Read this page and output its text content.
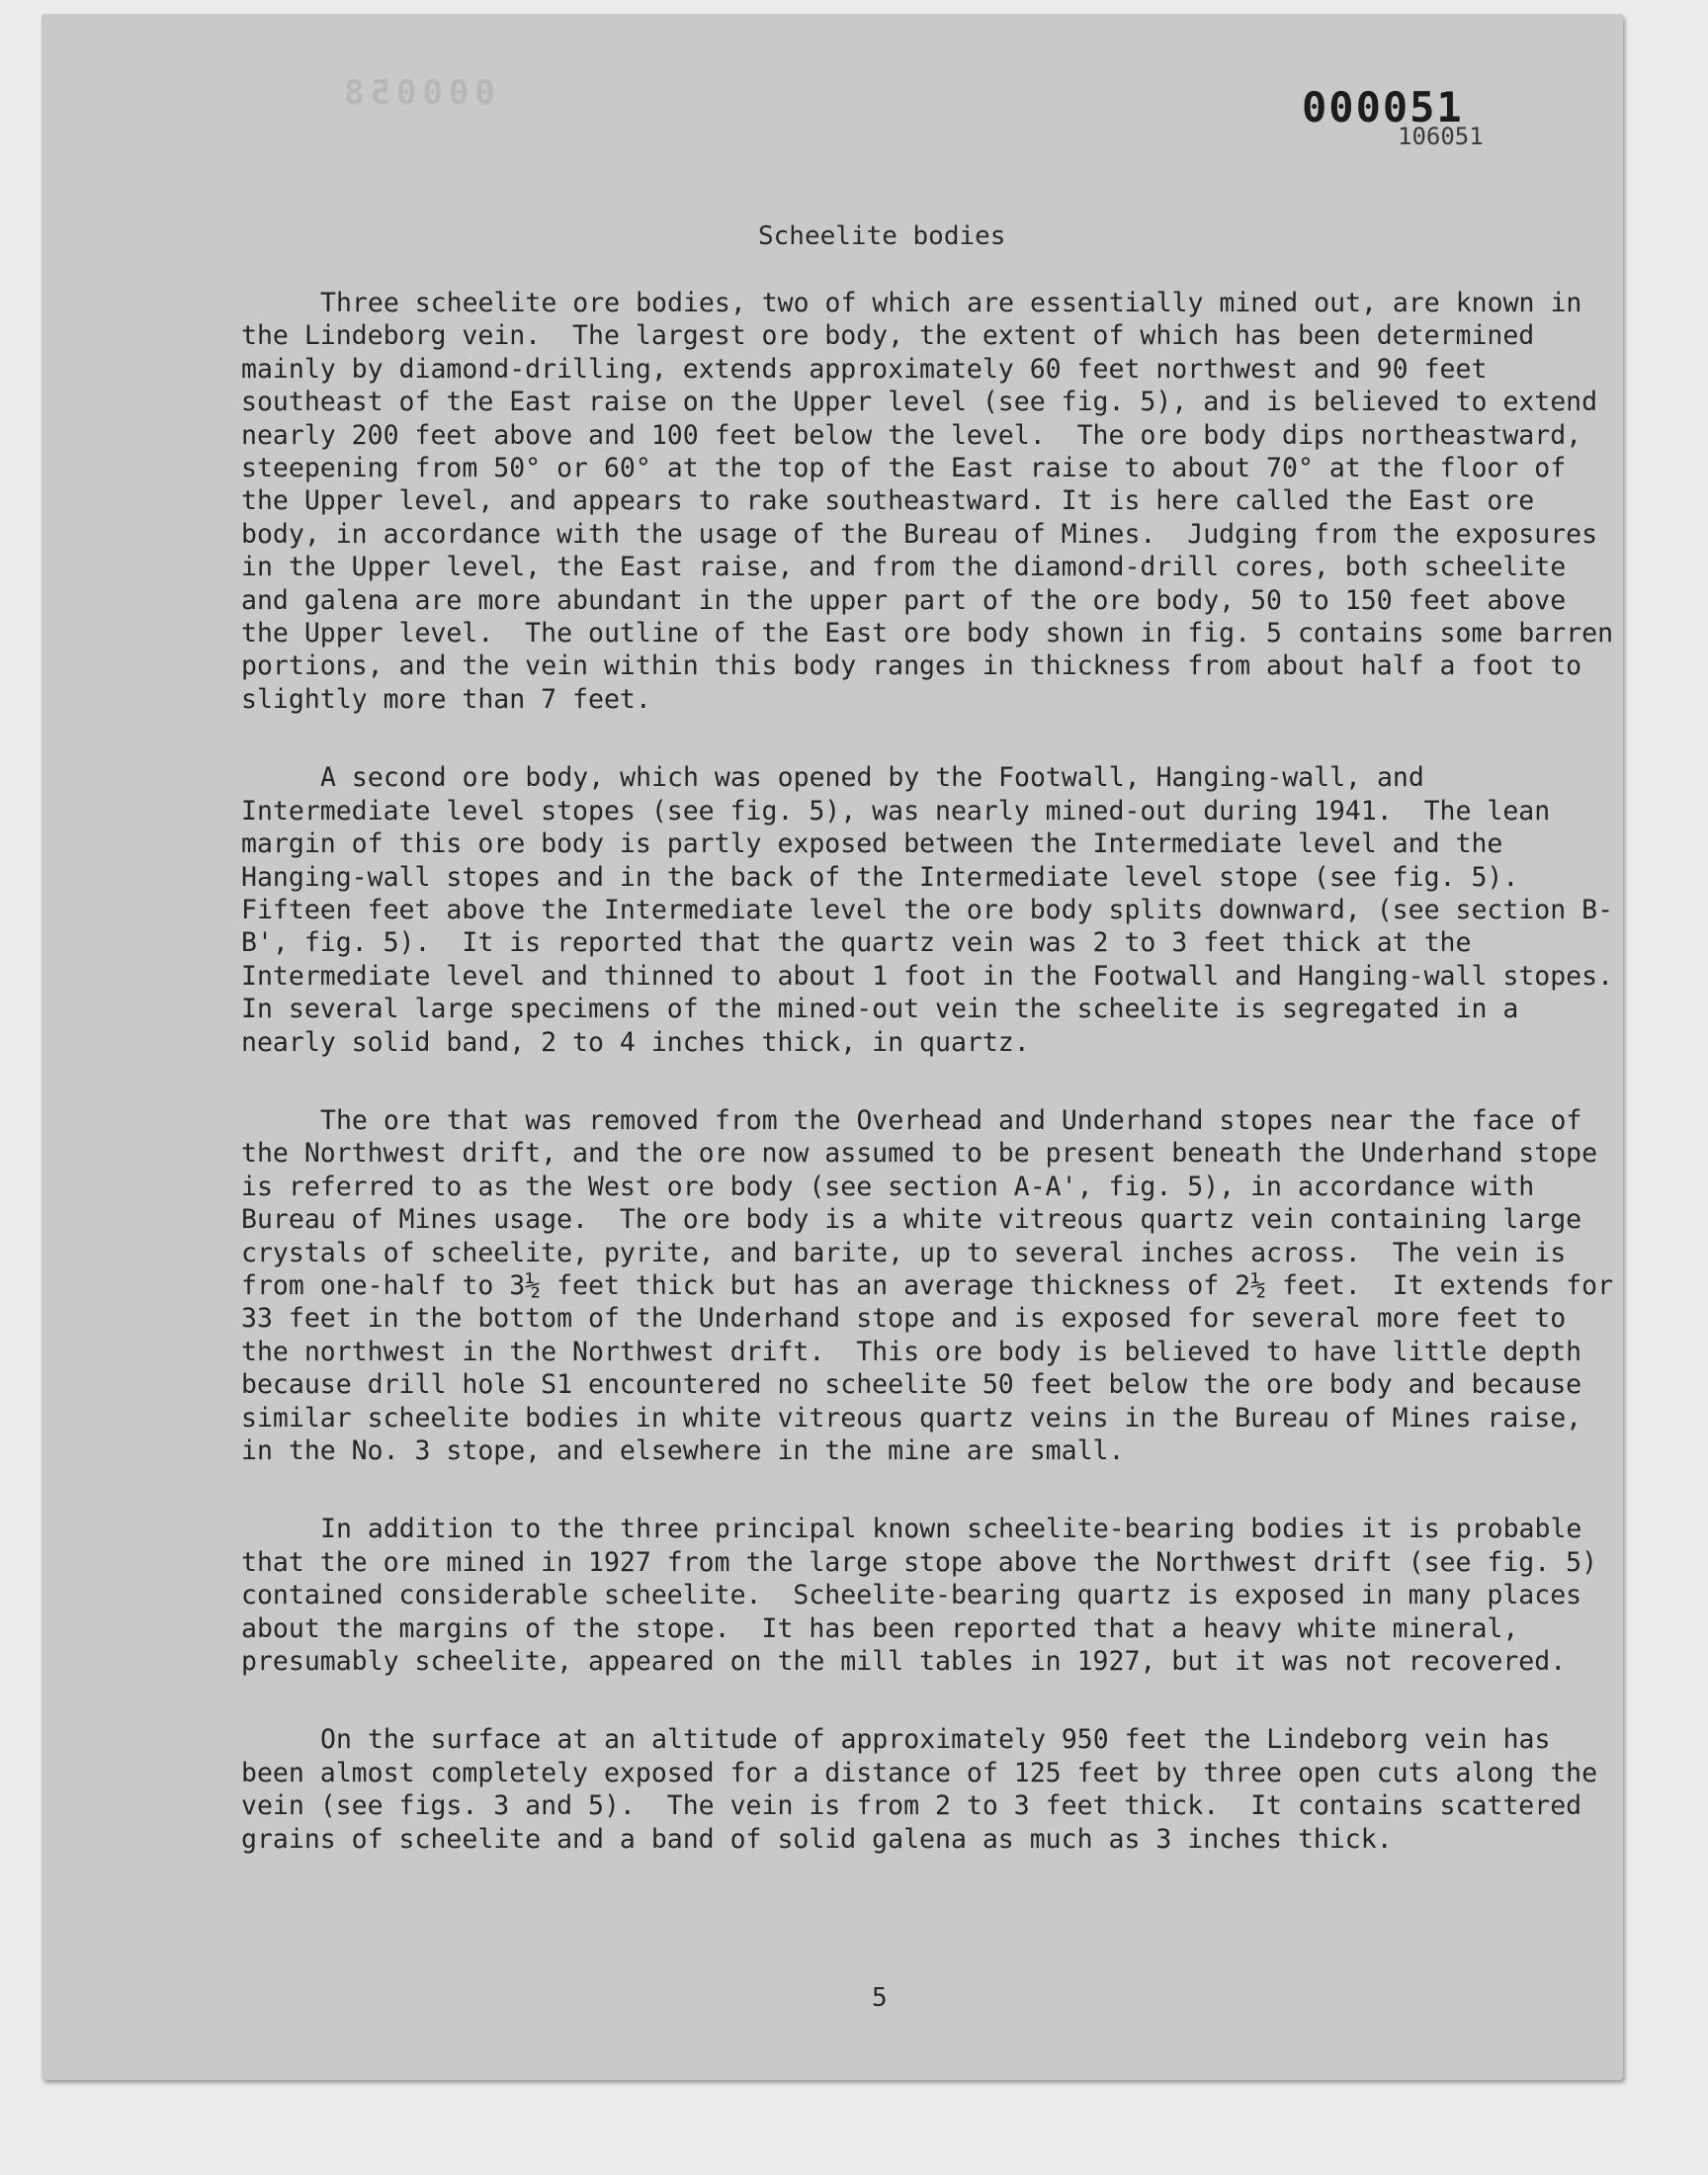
000058	000051
106051
Scheelite bodies

Three scheelite ore bodies, two of which are essentially mined out, are known in the Lindeborg vein.  The largest ore body, the extent of which has been determined mainly by diamond-drilling, extends approximately 60 feet northwest and 90 feet southeast of the East raise on the Upper level (see fig. 5), and is believed to extend nearly 200 feet above and 100 feet below the level.  The ore body dips northeastward, steepening from 50° or 60° at the top of the East raise to about 70° at the floor of the Upper level, and appears to rake southeastward. It is here called the East ore body, in accordance with the usage of the Bureau of Mines.  Judging from the exposures in the Upper level, the East raise, and from the diamond-drill cores, both scheelite and galena are more abundant in the upper part of the ore body, 50 to 150 feet above the Upper level.  The outline of the East ore body shown in fig. 5 contains some barren portions, and the vein within this body ranges in thickness from about half a foot to slightly more than 7 feet.

A second ore body, which was opened by the Footwall, Hanging-wall, and Intermediate level stopes (see fig. 5), was nearly mined-out during 1941.  The lean margin of this ore body is partly exposed between the Intermediate level and the Hanging-wall stopes and in the back of the Intermediate level stope (see fig. 5).  Fifteen feet above the Intermediate level the ore body splits downward, (see section B-B', fig. 5).  It is reported that the quartz vein was 2 to 3 feet thick at the Intermediate level and thinned to about 1 foot in the Footwall and Hanging-wall stopes.  In several large specimens of the mined-out vein the scheelite is segregated in a nearly solid band, 2 to 4 inches thick, in quartz.

The ore that was removed from the Overhead and Underhand stopes near the face of the Northwest drift, and the ore now assumed to be present beneath the Underhand stope is referred to as the West ore body (see section A-A', fig. 5), in accordance with Bureau of Mines usage.  The ore body is a white vitreous quartz vein containing large crystals of scheelite, pyrite, and barite, up to several inches across.  The vein is from one-half to 3½ feet thick but has an average thickness of 2½ feet.  It extends for 33 feet in the bottom of the Underhand stope and is exposed for several more feet to the northwest in the Northwest drift.  This ore body is believed to have little depth because drill hole S1 encountered no scheelite 50 feet below the ore body and because similar scheelite bodies in white vitreous quartz veins in the Bureau of Mines raise, in the No. 3 stope, and elsewhere in the mine are small.

In addition to the three principal known scheelite-bearing bodies it is probable that the ore mined in 1927 from the large stope above the Northwest drift (see fig. 5) contained considerable scheelite.  Scheelite-bearing quartz is exposed in many places about the margins of the stope.  It has been reported that a heavy white mineral, presumably scheelite, appeared on the mill tables in 1927, but it was not recovered.

On the surface at an altitude of approximately 950 feet the Lindeborg vein has been almost completely exposed for a distance of 125 feet by three open cuts along the vein (see figs. 3 and 5).  The vein is from 2 to 3 feet thick.  It contains scattered grains of scheelite and a band of solid galena as much as 3 inches thick.

5
